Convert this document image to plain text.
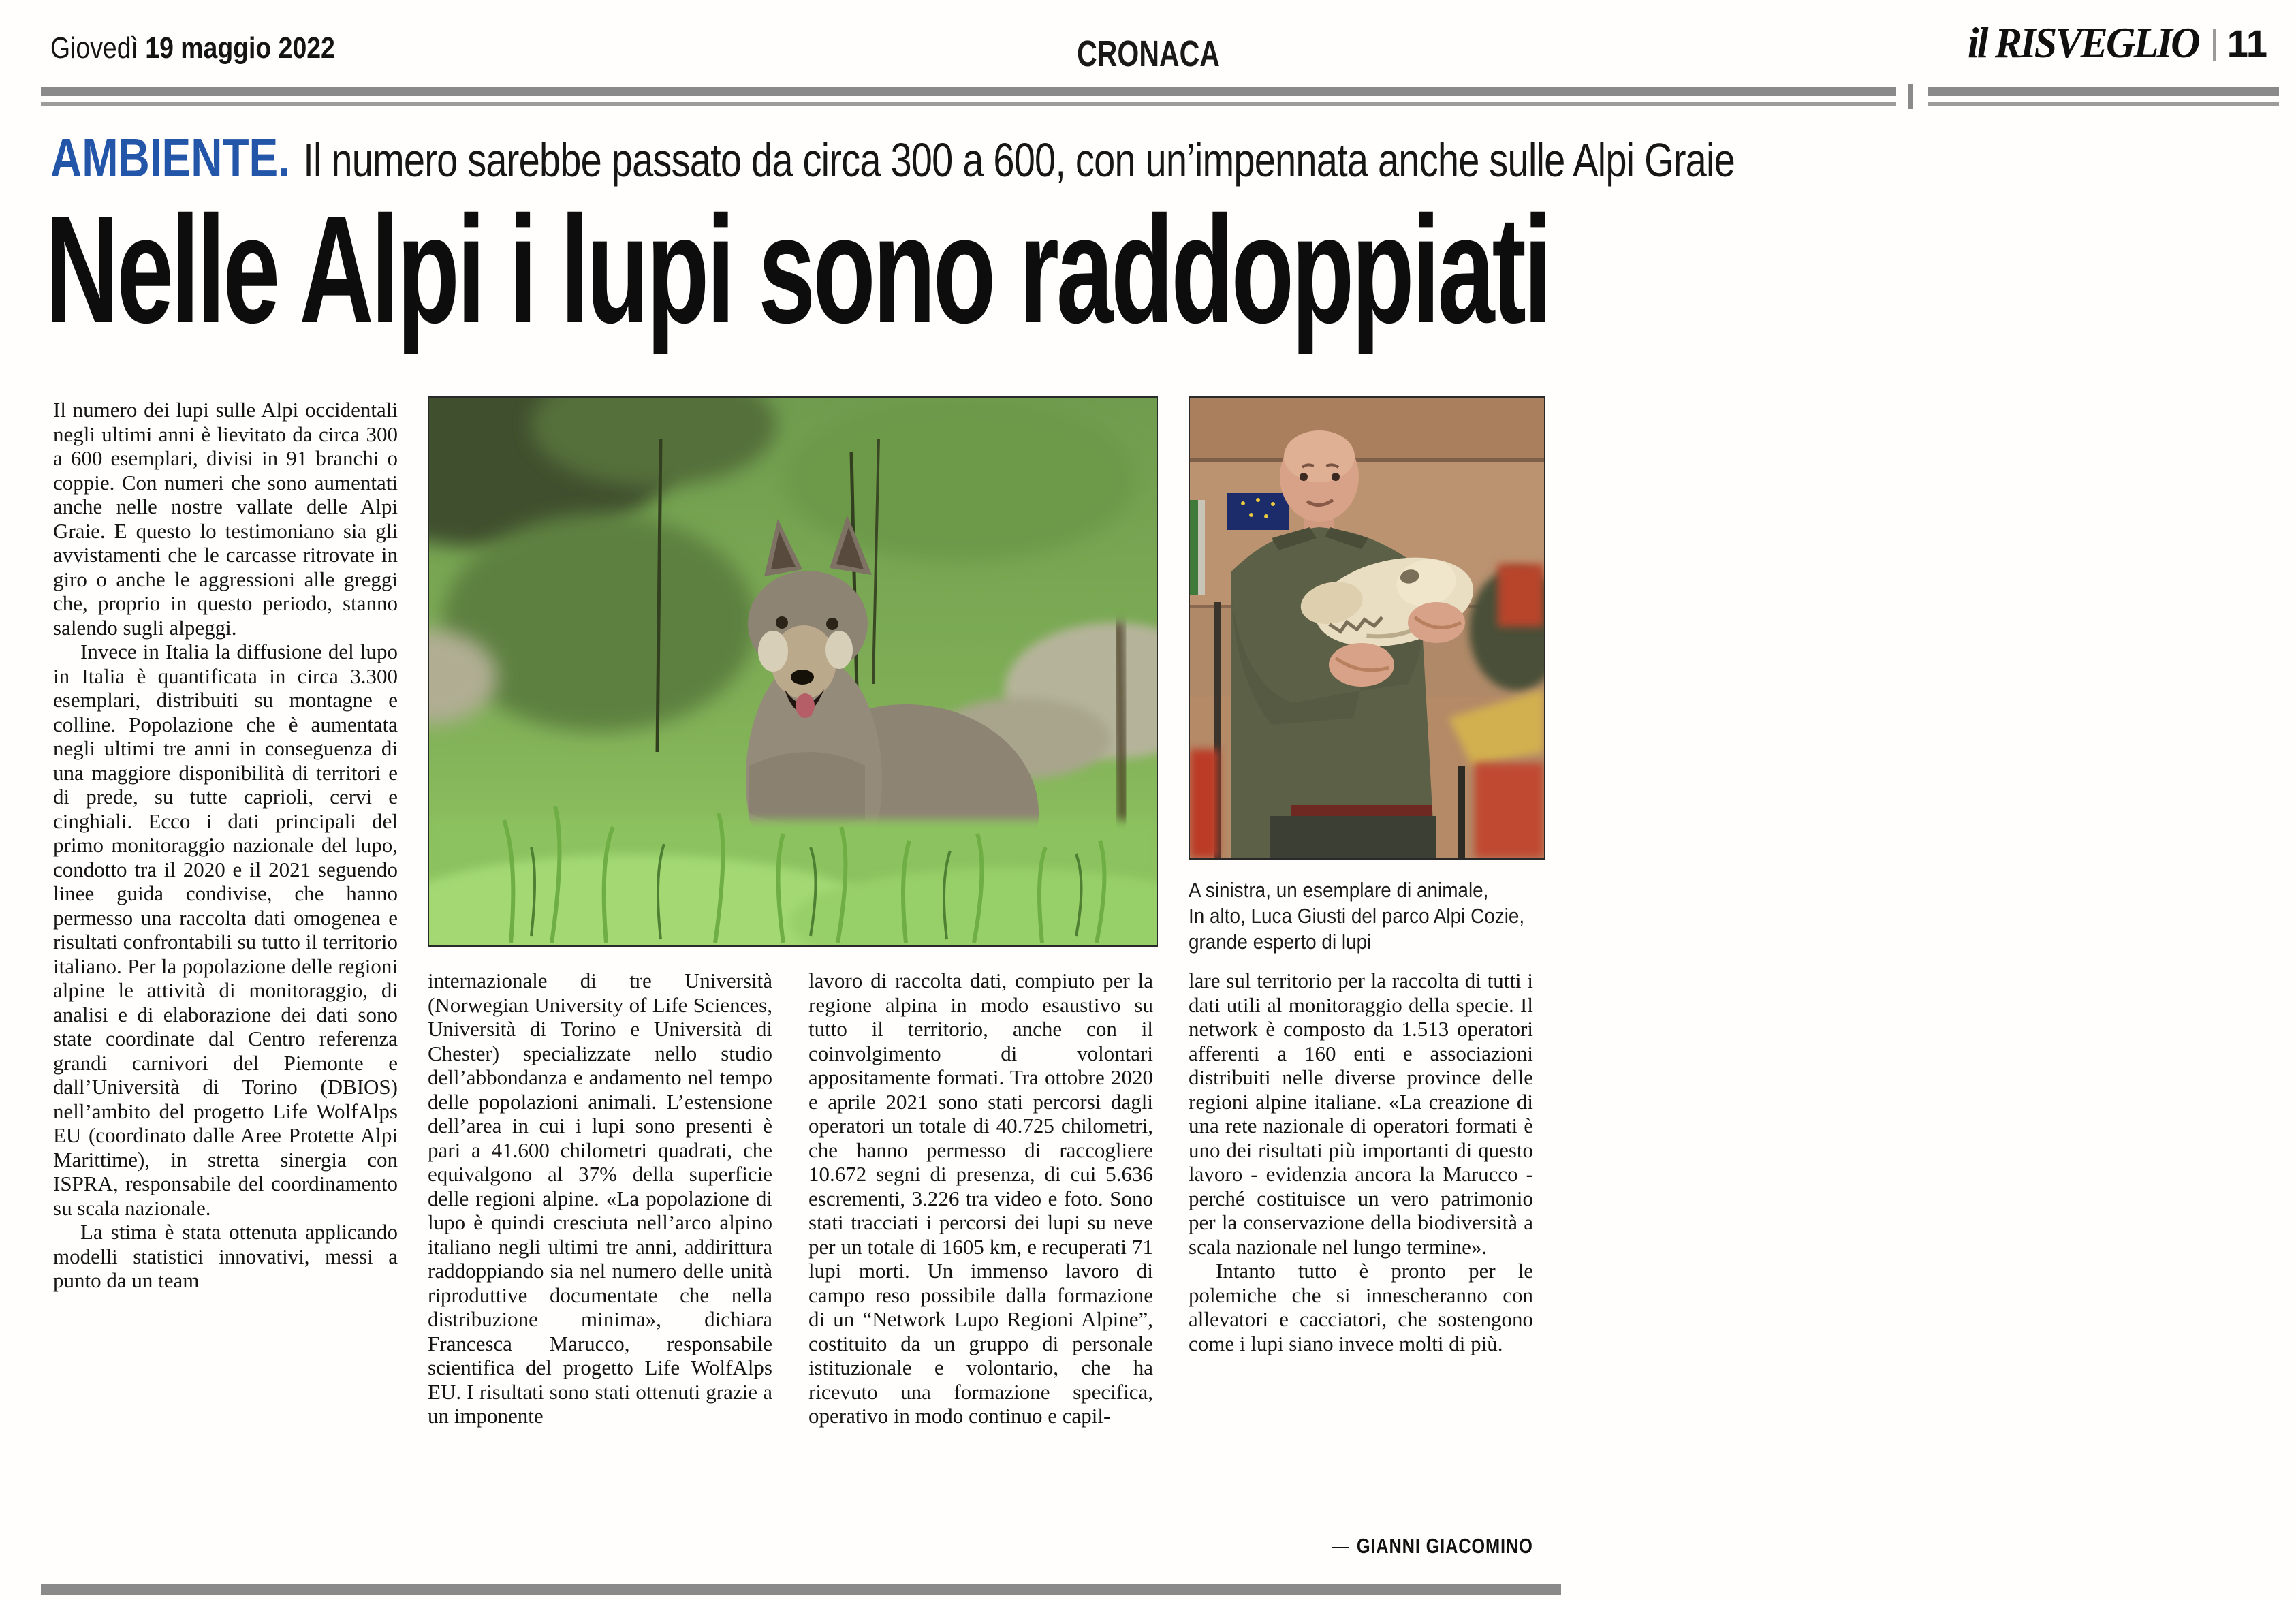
Giovedì 19 maggio 2022	CRONACA	il RISVEGLIO 11
AMBIENTE. Il numero sarebbe passato da circa 300 a 600, con un’impennata anche sulle Alpi Graie
Nelle Alpi i lupi sono raddoppiati
A sinistra, un esemplare di animale,
In alto, Luca Giusti del parco Alpi Cozie,
grande esperto di lupi

Il numero dei lupi sulle Alpi occidentali negli ultimi anni è lievitato da circa 300 a 600 esemplari, divisi in 91 branchi o coppie. Con numeri che sono aumentati anche nelle nostre vallate delle Alpi Graie. E questo lo testimoniano sia gli avvistamenti che le carcasse ritrovate in giro o anche le aggressioni alle greggi che, proprio in questo periodo, stanno salendo sugli alpeggi.

Invece in Italia la diffusione del lupo in Italia è quantificata in circa 3.300 esemplari, distribuiti su montagne e colline. Popolazione che è aumentata negli ultimi tre anni in conseguenza di una maggiore disponibilità di territori e di prede, su tutte caprioli, cervi e cinghiali. Ecco i dati principali del primo monitoraggio nazionale del lupo, condotto tra il 2020 e il 2021 seguendo linee guida condivise, che hanno permesso una raccolta dati omogenea e risultati confrontabili su tutto il territorio italiano. Per la popolazione delle regioni alpine le attività di monitoraggio, di analisi e di elaborazione dei dati sono state coordinate dal Centro referenza grandi carnivori del Piemonte e dall’Università di Torino (DBIOS) nell’ambito del progetto Life WolfAlps EU (coordinato dalle Aree Protette Alpi Marittime), in stretta sinergia con ISPRA, responsabile del coordinamento su scala nazionale.

La stima è stata ottenuta applicando modelli statistici innovativi, messi a punto da un team

internazionale di tre Università (Norwegian University of Life Sciences, Università di Torino e Università di Chester) specializzate nello studio dell’abbondanza e andamento nel tempo delle popolazioni animali. L’estensione dell’area in cui i lupi sono presenti è pari a 41.600 chilometri quadrati, che equivalgono al 37% della superficie delle regioni alpine. «La popolazione di lupo è quindi cresciuta nell’arco alpino italiano negli ultimi tre anni, addirittura raddoppiando sia nel numero delle unità riproduttive documentate che nella distribuzione minima», dichiara Francesca Marucco, responsabile scientifica del progetto Life WolfAlps EU. I risultati sono stati ottenuti grazie a un imponente

lavoro di raccolta dati, compiuto per la regione alpina in modo esaustivo su tutto il territorio, anche con il coinvolgimento di volontari appositamente formati. Tra ottobre 2020 e aprile 2021 sono stati percorsi dagli operatori un totale di 40.725 chilometri, che hanno permesso di raccogliere 10.672 segni di presenza, di cui 5.636 escrementi, 3.226 tra video e foto. Sono stati tracciati i percorsi dei lupi su neve per un totale di 1605 km, e recuperati 71 lupi morti. Un immenso lavoro di campo reso possibile dalla formazione di un “Network Lupo Regioni Alpine”, costituito da un gruppo di personale istituzionale e volontario, che ha ricevuto una formazione specifica, operativo in modo continuo e capil-

lare sul territorio per la raccolta di tutti i dati utili al monitoraggio della specie. Il network è composto da 1.513 operatori afferenti a 160 enti e associazioni distribuiti nelle diverse province delle regioni alpine italiane. «La creazione di una rete nazionale di operatori formati è uno dei risultati più importanti di questo lavoro - evidenzia ancora la Marucco - perché costituisce un vero patrimonio per la conservazione della biodiversità a scala nazionale nel lungo termine».

Intanto tutto è pronto per le polemiche che si innescheranno con allevatori e cacciatori, che sostengono come i lupi siano invece molti di più.

— GIANNI GIACOMINO
